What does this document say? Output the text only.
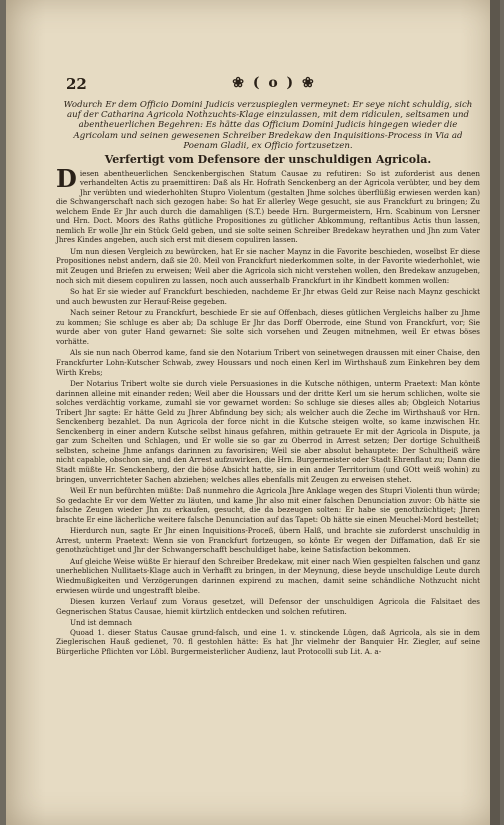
22	❀ ( o ) ❀

Wodurch Er dem Officio Domini Judicis verzuspieglen vermeynet: Er seye nicht schuldig, sich auf der Catharina Agricola Nothzuchts-Klage einzulassen, mit dem ridiculen, seltsamen und abentheuerlichen Begehren: Es hätte das Officium Domini Judicis hingegen wieder die Agricolam und seinen gewesenen Schreiber Bredekaw den Inquisitions-Process in Via ad Poenam Gladii, ex Officio fortzusetzen.

Verfertigt vom Defensore der unschuldigen Agricola.

Diesen abentheuerlichen Senckenbergischen Statum Causae zu refutiren: So ist zuforderist aus denen verhandelten Actis zu praemittiren: Daß als Hr. Hofrath Senckenberg an der Agricola verübter, und bey dem Jhr verübten und wiederhohlten Stupro Violentum (gestalten Jhme solches überflüßig erwiesen werden kan) die Schwangerschaft nach sich gezogen habe: So hat Er allerley Wege gesucht, sie aus Franckfurt zu bringen; Zu welchem Ende Er Jhr auch durch die damahligen (S.T.) beede Hrn. Burgermeistern, Hrn. Scabinum von Lersner und Hrn. Doct. Moors des Raths gütliche Propositiones zu gütlicher Abkommung, reftantibus Actis thun lassen, nemlich Er wolle Jhr ein Stück Geld geben, und sie solte seinen Schreiber Bredekaw heyrathen und Jhn zum Vater Jhres Kindes angeben, auch sich erst mit diesem copuliren lassen.

Um nun diesen Vergleich zu bewürcken, hat Er sie nacher Maynz in die Favorite beschieden, woselbst Er diese Propositiones nebst andern, daß sie 20. Meil von Franckfurt niederkommen solte, in der Favorite wiederhohlet, wie mit Zeugen und Briefen zu erweisen; Weil aber die Agricola sich nicht verstehen wollen, den Bredekaw anzugeben, noch sich mit diesem copuliren zu lassen, noch auch ausserhalb Franckfurt in ihr Kindbett kommen wollen:

So hat Er sie wieder auf Franckfurt beschieden, nachdeme Er Jhr etwas Geld zur Reise nach Maynz geschickt und auch bewusten zur Herauf-Reise gegeben.

Nach seiner Retour zu Franckfurt, beschiede Er sie auf Offenbach, dieses gütlichen Vergleichs halber zu Jhme zu kommen; Sie schluge es aber ab; Da schluge Er Jhr das Dorff Oberrode, eine Stund von Franckfurt, vor; Sie wurde aber von guter Hand gewarnet: Sie solte sich vorsehen und Zeugen mitnehmen, weil Er etwas böses vorhätte.

Als sie nun nach Oberrod kame, fand sie den Notarium Tribert von seinetwegen draussen mit einer Chaise, den Franckfurter Lohn-Kutscher Schwab, zwey Houssars und noch einen Kerl im Wirthshauß zum Einkehren bey dem Wirth Krebs;

Der Notarius Tribert wolte sie durch viele Persuasiones in die Kutsche nöthigen, unterm Praetext: Man könte darinnen alleine mit einander reden; Weil aber die Houssars und der dritte Kerl um sie herum schlichen, wolte sie solches verdächtig vorkame, zumahl sie vor gewarnet worden: So schluge sie dieses alles ab; Obgleich Notarius Tribert Jhr sagte: Er hätte Geld zu Jhrer Abfindung bey sich; als welcher auch die Zeche im Wirthshauß vor Hrn. Senckenberg bezahlet. Da nun Agricola der force nicht in die Kutsche steigen wolte, so kame inzwischen Hr. Senckenberg in einer andern Kutsche selbst hinaus gefahren, mithin getrauete Er mit der Agricola in Dispute, ja gar zum Schelten und Schlagen, und Er wolle sie so gar zu Oberrod in Arrest setzen; Der dortige Schultheiß selbsten, scheine Jhme anfangs darinnen zu favorisiren; Weil sie aber absolut behauptete: Der Schultheiß wäre nicht capable, obschon sie, und den Arrest aufzuwirken, die Hrn. Burgermeister oder Stadt Ehrenflaut zu; Dann die Stadt müßte Hr. Senckenberg, der die böse Absicht hatte, sie in ein ander Territorium (und GOtt weiß wohin) zu bringen, unverrichteter Sachen abziehen; welches alles ebenfalls mit Zeugen zu erweisen stehet.

Weil Er nun befürchten müßte: Daß nunmehro die Agricola Jhre Anklage wegen des Stupri Violenti thun würde; So gedachte Er vor dem Wetter zu läuten, und kame Jhr also mit einer falschen Denunciation zuvor: Ob hätte sie falsche Zeugen wieder Jhn zu erkaufen, gesucht, die da bezeugen solten: Er habe sie genothzüchtiget; Jhren brachte Er eine lächerliche weitere falsche Denunciation auf das Tapet: Ob hätte sie einen Meuchel-Mord bestellet;

Hierdurch nun, sagte Er Jhr einen Inquisitions-Proceß, übern Halß, und brachte sie zuforderst unschuldig in Arrest, unterm Praetext: Wenn sie von Franckfurt fortzeugen, so könte Er wegen der Diffamation, daß Er sie genothzüchtiget und Jhr der Schwangerschafft beschuldiget habe, keine Satisfaction bekommen.

Auf gleiche Weise wüßte Er hierauf den Schreiber Bredekaw, mit einer nach Wien gespielten falschen und ganz unerheblichen Nullitaets-Klage auch in Verhafft zu bringen, in der Meynung, diese beyde unschuldige Leute durch Wiedmußigkeiten und Verzögerungen darinnen expirend zu machen, damit seine schändliche Nothzucht nicht erwiesen würde und ungestrafft bleibe.

Diesen kurzen Verlauf zum Voraus gesetzet, will Defensor der unschuldigen Agricola die Falsitaet des Gegnerischen Status Causae, hiemit kürtzlich entdecken und solchen refutiren.

Und ist demnach

Quoad 1. dieser Status Causae grund-falsch, und eine 1. v. stinckende Lügen, daß Agricola, als sie in dem Zieglerischen Hauß gedienet, 70. fl gestohlen hätte: Es hat Jhr vielmehr der Banquier Hr. Ziegler, auf seine Bürgerliche Pflichten vor Löbl. Burgermeisterlicher Audienz, laut Protocolli sub Lit. A. a-
